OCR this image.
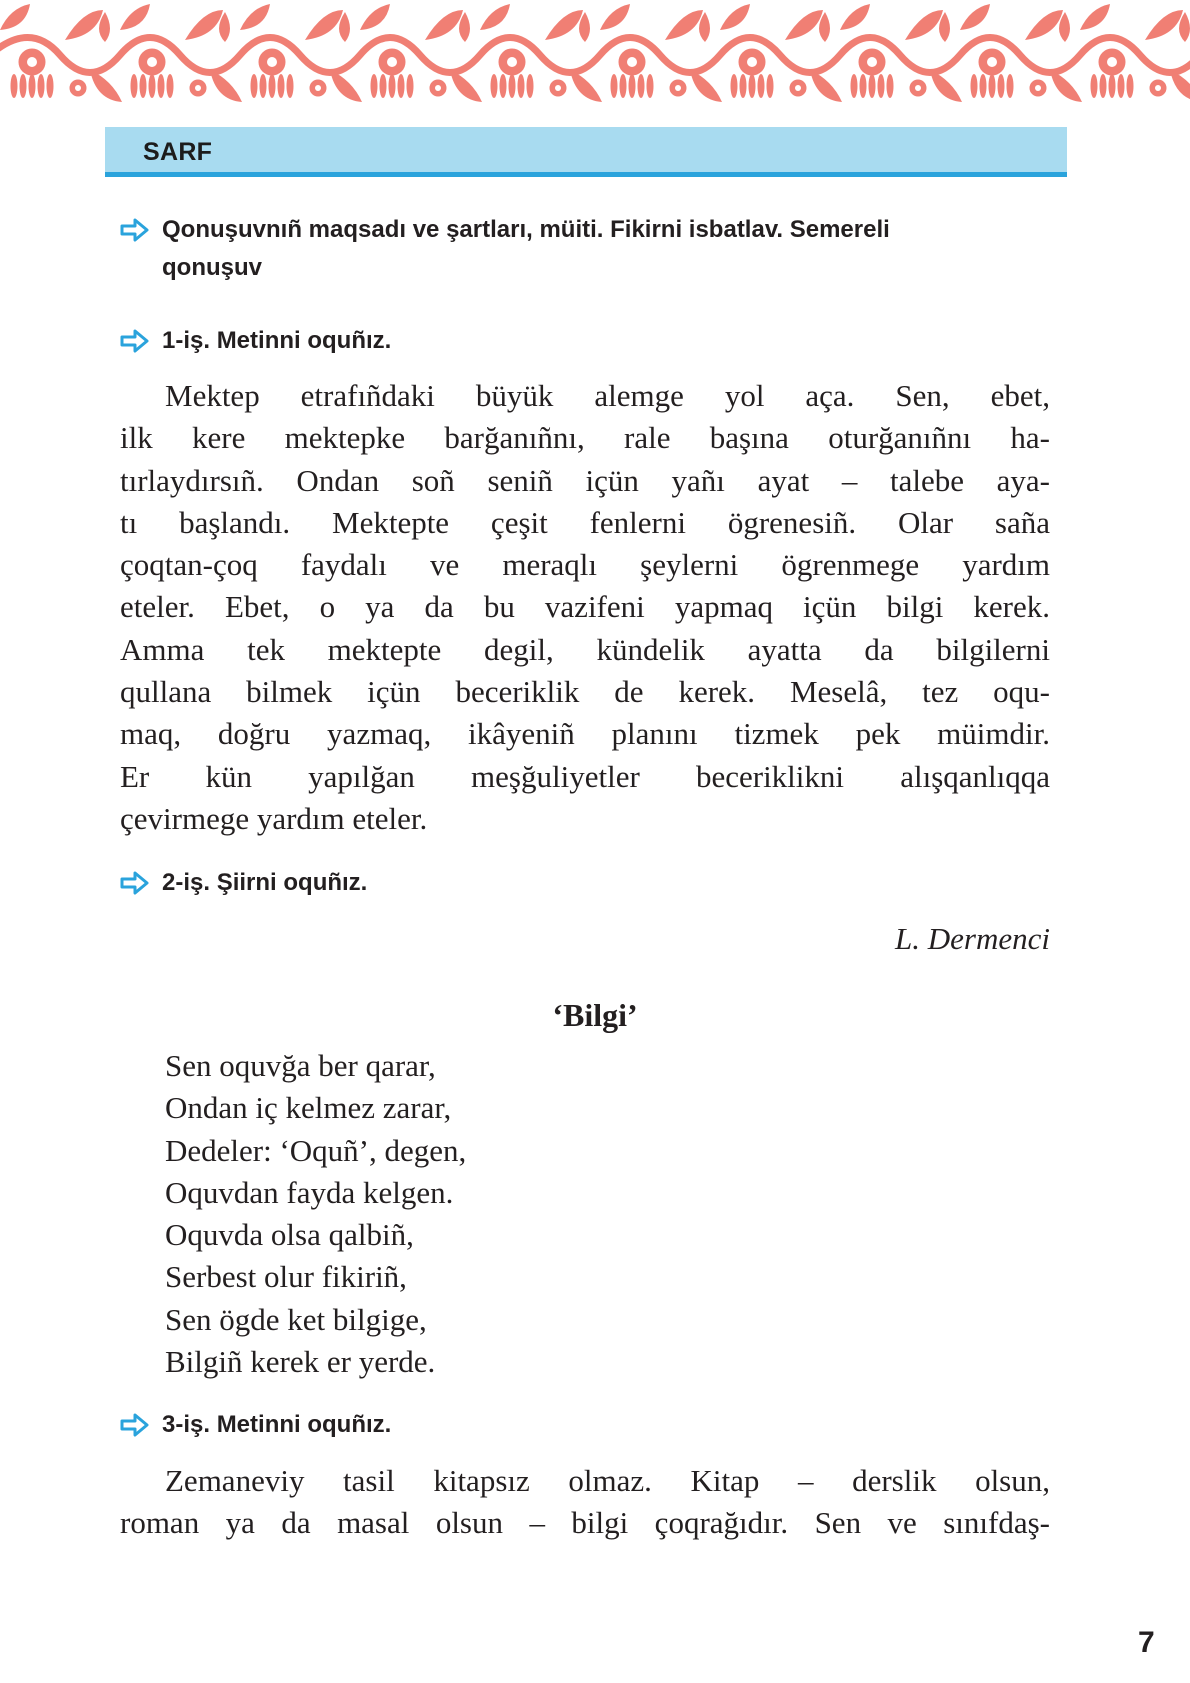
SARF
Qonuşuvnıñ maqsadı ve şartları, müiti. Fikirni isbatlav. Semereli
qonuşuv
1-iş. Metinni oquñız.
Mektep etrafıñdaki büyük alemge yol aça. Sen, ebet,
ilk kere mektepke barğanıñnı, rale başına oturğanıñnı ha-
tırlaydırsıñ. Ondan soñ seniñ içün yañı ayat – talebe aya-
tı başlandı. Mektepte çeşit fenlerni ögrenesiñ. Olar saña
çoqtan-çoq faydalı ve meraqlı şeylerni ögrenmege yardım
eteler. Ebet, o ya da bu vazifeni yapmaq içün bilgi kerek.
Amma tek mektepte degil, kündelik ayatta da bilgilerni
qullana bilmek içün beceriklik de kerek. Meselâ, tez oqu-
maq, doğru yazmaq, ikâyeniñ planını tizmek pek müimdir.
Er kün yapılğan meşğuliyetler beceriklikni alışqanlıqqa
çevirmege yardım eteler.
2-iş. Şiirni oquñız.
L. Dermenci
‘Bilgi’
Sen oquvğa ber qarar,
Ondan iç kelmez zarar,
Dedeler: ‘Oquñ’, degen,
Oquvdan fayda kelgen.
Oquvda olsa qalbiñ,
Serbest olur fikiriñ,
Sen ögde ket bilgige,
Bilgiñ kerek er yerde.
3-iş. Metinni oquñız.
Zemaneviy tasil kitapsız olmaz. Kitap – derslik olsun,
roman ya da masal olsun – bilgi çoqrağıdır. Sen ve sınıfdaş-
7
